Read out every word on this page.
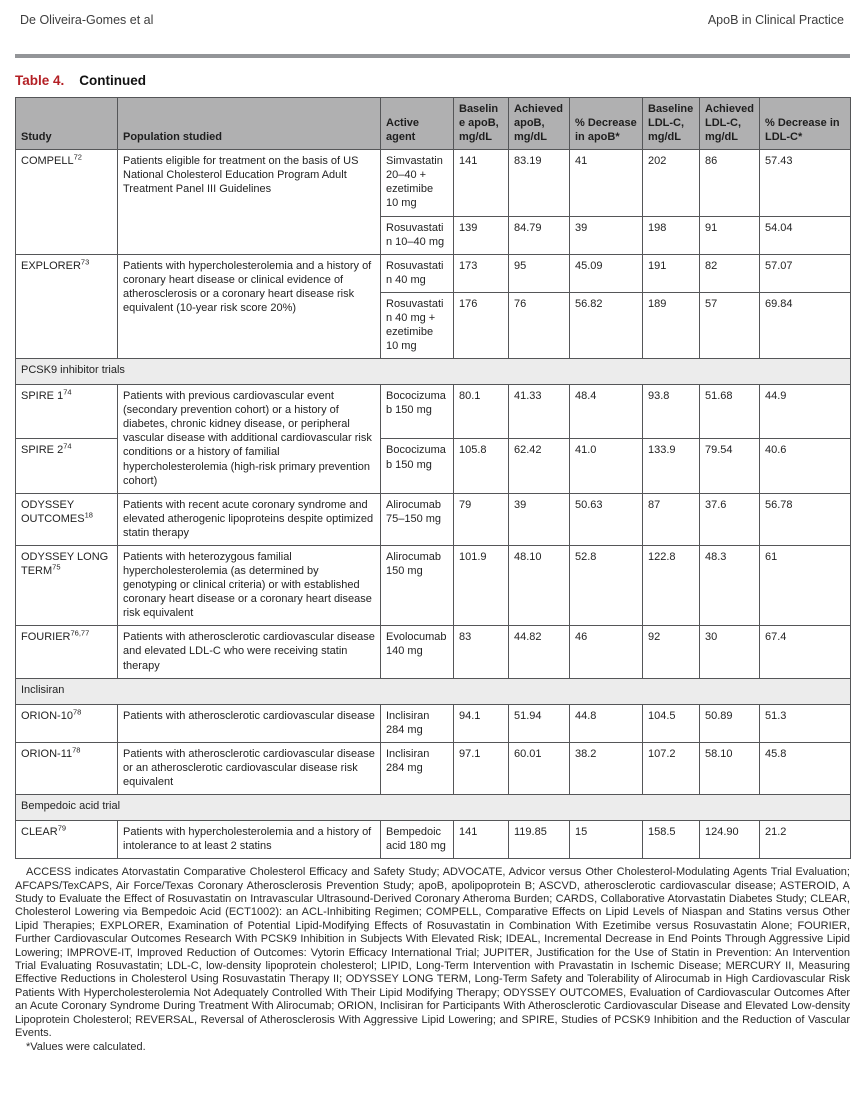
De Oliveira-Gomes et al	ApoB in Clinical Practice
Table 4. Continued
Study	Population studied	Active agent	Baseline apoB, mg/dL	Achieved apoB, mg/dL	% Decrease in apoB*	Baseline LDL-C, mg/dL	Achieved LDL-C, mg/dL	% Decrease in LDL-C*
COMPELL$^{72}$	Patients eligible for treatment on the basis of US National Cholesterol Education Program Adult Treatment Panel III Guidelines	Simvastatin 20–40 + ezetimibe 10 mg	141	83.19	41	202	86	57.43
		Rosuvastatin 10–40 mg	139	84.79	39	198	91	54.04
EXPLORER$^{73}$	Patients with hypercholesterolemia and a history of coronary heart disease or clinical evidence of atherosclerosis or a coronary heart disease risk equivalent (10-year risk score 20%)	Rosuvastatin 40 mg	173	95	45.09	191	82	57.07
		Rosuvastatin 40 mg + ezetimibe 10 mg	176	76	56.82	189	57	69.84
PCSK9 inhibitor trials								
SPIRE $1^{74}$	Patients with previous cardiovascular event (secondary prevention cohort) or a history of diabetes, chronic kidney disease, or peripheral vascular disease with additional cardiovascular risk conditions or a history of familial hypercholesterolemia (high-risk primary prevention cohort)	Bococizumab 150 mg	80.1	41.33	48.4	93.8	51.68	44.9
SPIRE $2^{74}$		Bococizumab 150 mg	105.8	62.42	41.0	133.9	79.54	40.6
ODYSSEY OUTCOMES$^{18}$	Patients with recent acute coronary syndrome and elevated atherogenic lipoproteins despite optimized statin therapy	Alirocumab 75–150 mg	79	39	50.63	87	37.6	56.78
ODYSSEY LONG TERM$^{75}$	Patients with heterozygous familial hypercholesterolemia (as determined by genotyping or clinical criteria) or with established coronary heart disease or a coronary heart disease risk equivalent	Alirocumab 150 mg	101.9	48.10	52.8	122.8	48.3	61
FOURIER$^{76,77}$	Patients with atherosclerotic cardiovascular disease and elevated LDL-C who were receiving statin therapy	Evolocumab 140 mg	83	44.82	46	92	30	67.4
Inclisiran								
ORION-$10^{78}$	Patients with atherosclerotic cardiovascular disease	Inclisiran 284 mg	94.1	51.94	44.8	104.5	50.89	51.3
ORION-$11^{78}$	Patients with atherosclerotic cardiovascular disease or an atherosclerotic cardiovascular disease risk equivalent	Inclisiran 284 mg	97.1	60.01	38.2	107.2	58.10	45.8
Bempedoic acid trial								
CLEAR$^{79}$	Patients with hypercholesterolemia and a history of intolerance to at least 2 statins	Bempedoic acid 180 mg	141	119.85	15	158.5	124.90	21.2
ACCESS indicates Atorvastatin Comparative Cholesterol Efficacy and Safety Study; ADVOCATE, Advicor versus Other Cholesterol-Modulating Agents Trial Evaluation; AFCAPS/TexCAPS, Air Force/Texas Coronary Atherosclerosis Prevention Study; apoB, apolipoprotein B; ASCVD, atherosclerotic cardiovascular disease; ASTEROID, A Study to Evaluate the Effect of Rosuvastatin on Intravascular Ultrasound-Derived Coronary Atheroma Burden; CARDS, Collaborative Atorvastatin Diabetes Study; CLEAR, Cholesterol Lowering via Bempedoic Acid (ECT1002): an ACL-Inhibiting Regimen; COMPELL, Comparative Effects on Lipid Levels of Niaspan and Statins versus Other Lipid Therapies; EXPLORER, Examination of Potential Lipid-Modifying Effects of Rosuvastatin in Combination With Ezetimibe versus Rosuvastatin Alone; FOURIER, Further Cardiovascular Outcomes Research With PCSK9 Inhibition in Subjects With Elevated Risk; IDEAL, Incremental Decrease in End Points Through Aggressive Lipid Lowering; IMPROVE-IT, Improved Reduction of Outcomes: Vytorin Efficacy International Trial; JUPITER, Justification for the Use of Statin in Prevention: An Intervention Trial Evaluating Rosuvastatin; LDL-C, low-density lipoprotein cholesterol; LIPID, Long-Term Intervention with Pravastatin in Ischemic Disease; MERCURY II, Measuring Effective Reductions in Cholesterol Using Rosuvastatin Therapy II; ODYSSEY LONG TERM, Long-Term Safety and Tolerability of Alirocumab in High Cardiovascular Risk Patients With Hypercholesterolemia Not Adequately Controlled With Their Lipid Modifying Therapy; ODYSSEY OUTCOMES, Evaluation of Cardiovascular Outcomes After an Acute Coronary Syndrome During Treatment With Alirocumab; ORION, Inclisiran for Participants With Atherosclerotic Cardiovascular Disease and Elevated Low-density Lipoprotein Cholesterol; REVERSAL, Reversal of Atherosclerosis With Aggressive Lipid Lowering; and SPIRE, Studies of PCSK9 Inhibition and the Reduction of Vascular Events.
*Values were calculated.
